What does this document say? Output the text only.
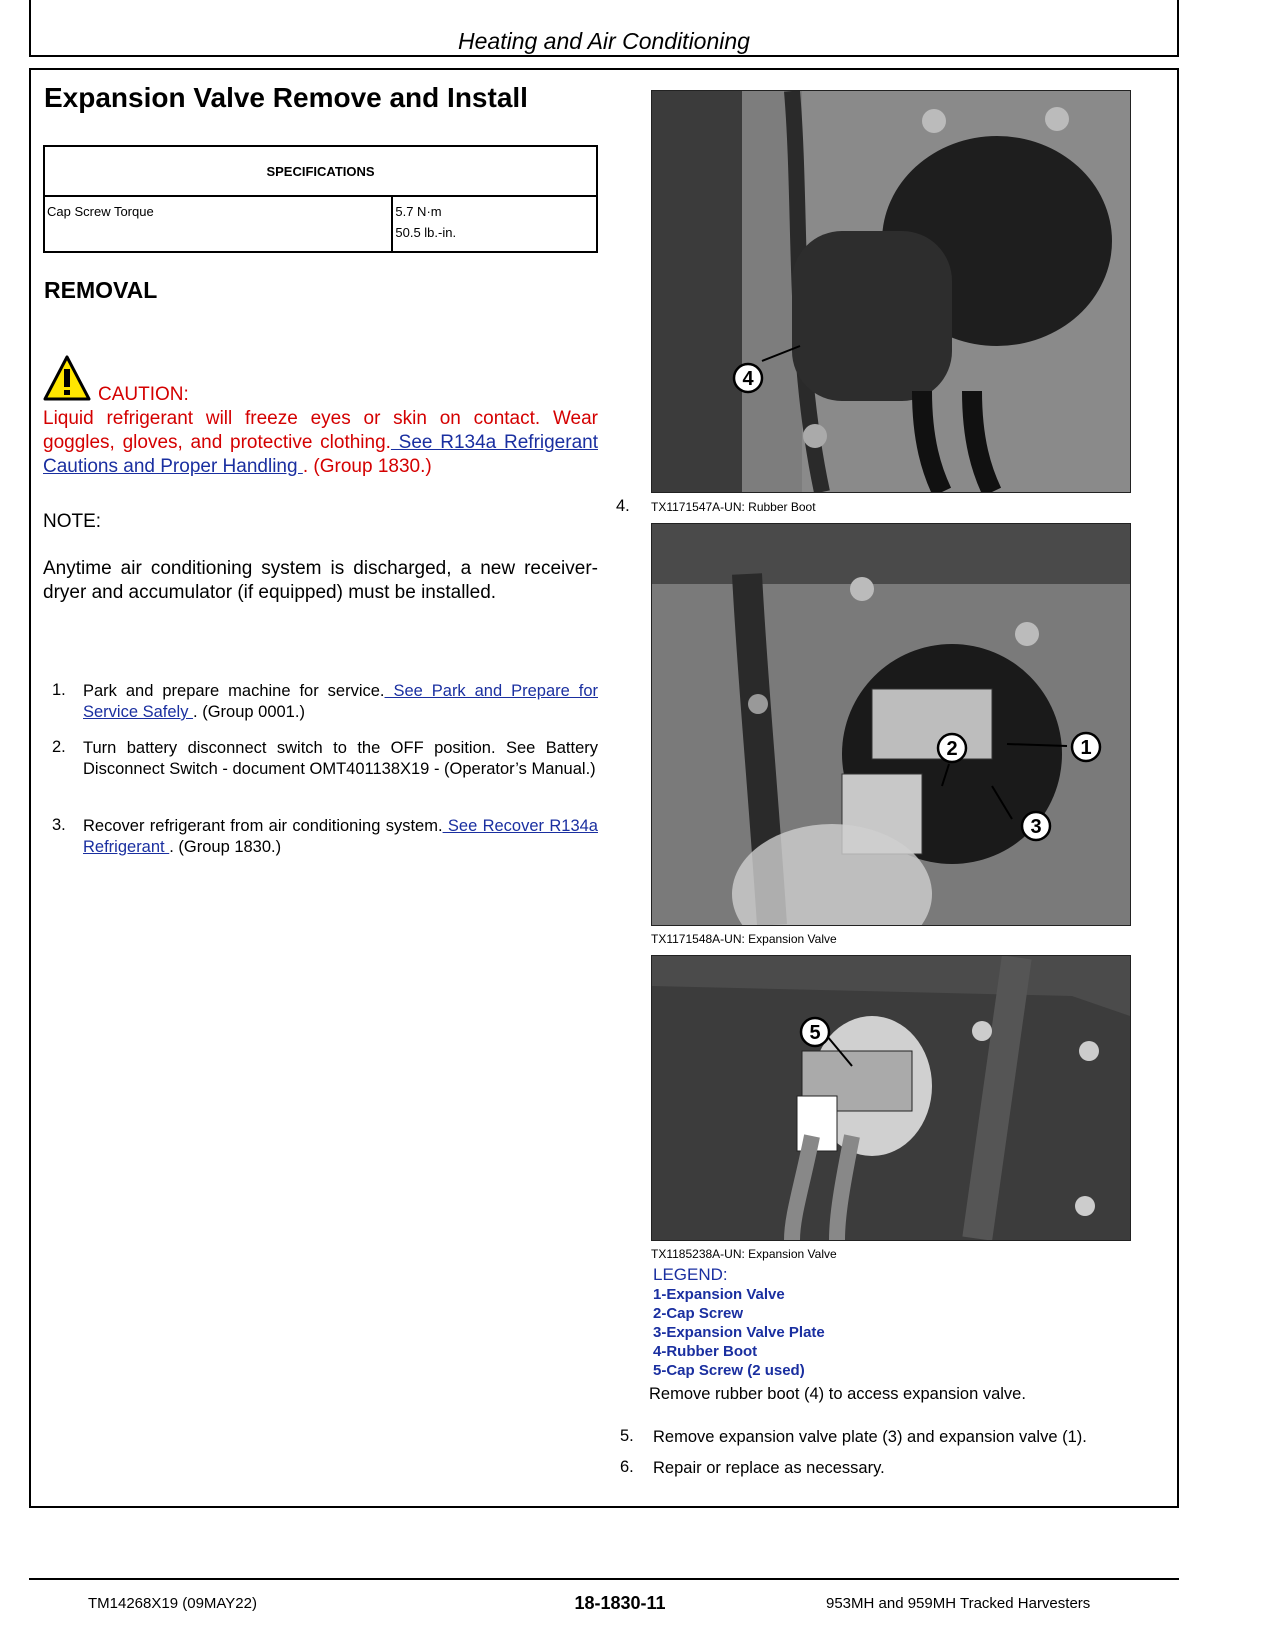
Heating and Air Conditioning
Expansion Valve Remove and Install
SPECIFICATIONS
Cap Screw Torque	5.7 N·m
50.5 lb.-in.
REMOVAL
CAUTION:
Liquid refrigerant will freeze eyes or skin on contact. Wear goggles, gloves, and protective clothing. See R134a Refrigerant Cautions and Proper Handling . (Group 1830.)
NOTE:
Anytime air conditioning system is discharged, a new receiver-dryer and accumulator (if equipped) must be installed.
1. Park and prepare machine for service. See Park and Prepare for Service Safely . (Group 0001.)
2. Turn battery disconnect switch to the OFF position. See Battery Disconnect Switch - document OMT401138X19 - (Operator’s Manual.)
3. Recover refrigerant from air conditioning system. See Recover R134a Refrigerant . (Group 1830.)
4
4. TX1171547A-UN: Rubber Boot
1
2
3
TX1171548A-UN: Expansion Valve
5
TX1185238A-UN: Expansion Valve
LEGEND:
1-Expansion Valve
2-Cap Screw
3-Expansion Valve Plate
4-Rubber Boot
5-Cap Screw (2 used)
Remove rubber boot (4) to access expansion valve.
5. Remove expansion valve plate (3) and expansion valve (1).
6. Repair or replace as necessary.
TM14268X19 (09MAY22)	18-1830-11	953MH and 959MH Tracked Harvesters
